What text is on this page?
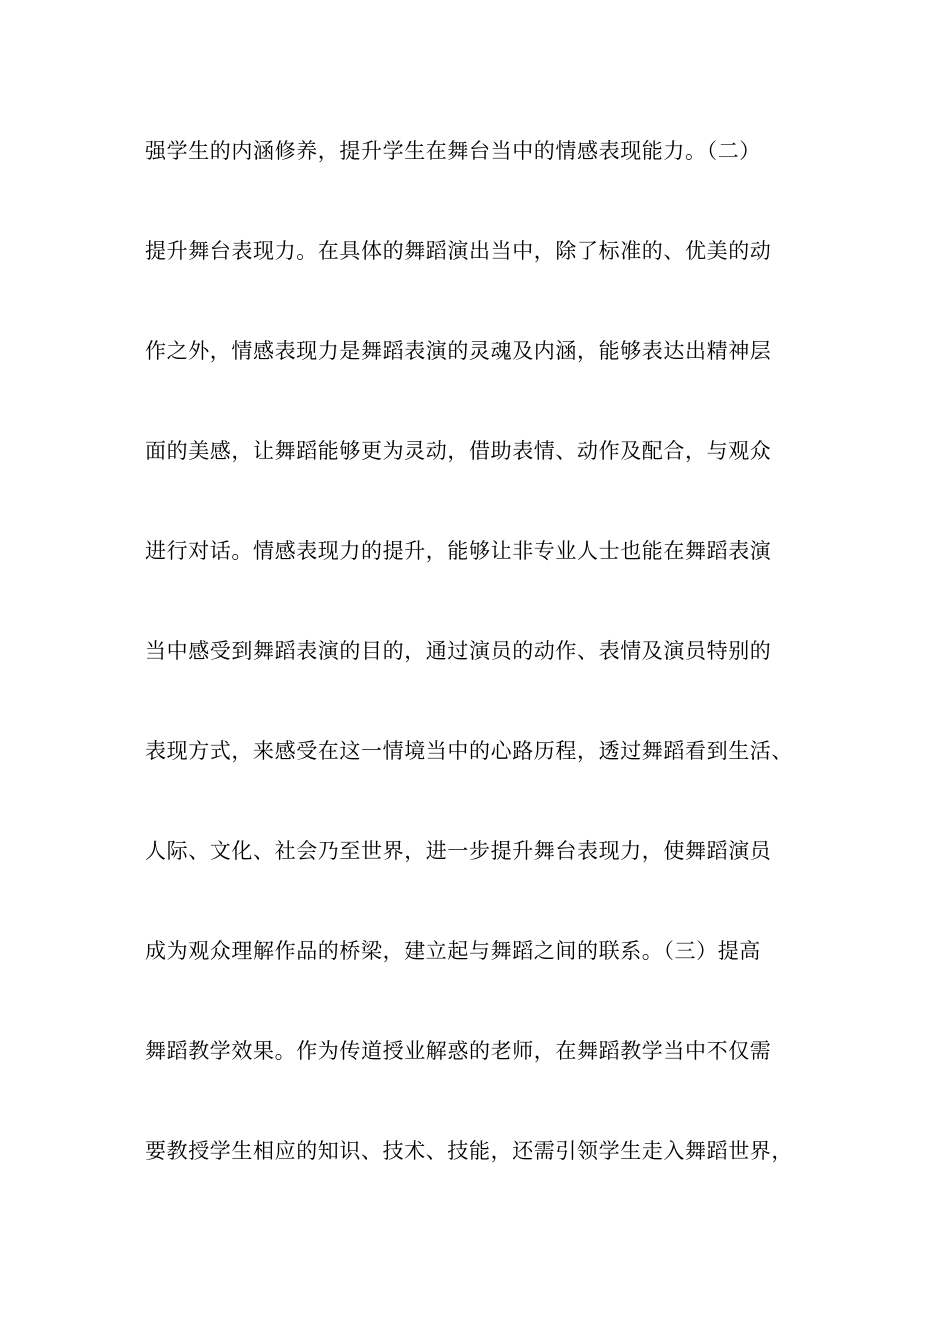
强学生的内涵修养，提升学生在舞台当中的情感表现能力。（二）
提升舞台表现力。在具体的舞蹈演出当中，除了标准的、优美的动
作之外，情感表现力是舞蹈表演的灵魂及内涵，能够表达出精神层
面的美感，让舞蹈能够更为灵动，借助表情、动作及配合，与观众
进行对话。情感表现力的提升，能够让非专业人士也能在舞蹈表演
当中感受到舞蹈表演的目的，通过演员的动作、表情及演员特别的
表现方式，来感受在这一情境当中的心路历程，透过舞蹈看到生活、
人际、文化、社会乃至世界，进一步提升舞台表现力，使舞蹈演员
成为观众理解作品的桥梁，建立起与舞蹈之间的联系。（三）提高
舞蹈教学效果。作为传道授业解惑的老师，在舞蹈教学当中不仅需
要教授学生相应的知识、技术、技能，还需引领学生走入舞蹈世界，
